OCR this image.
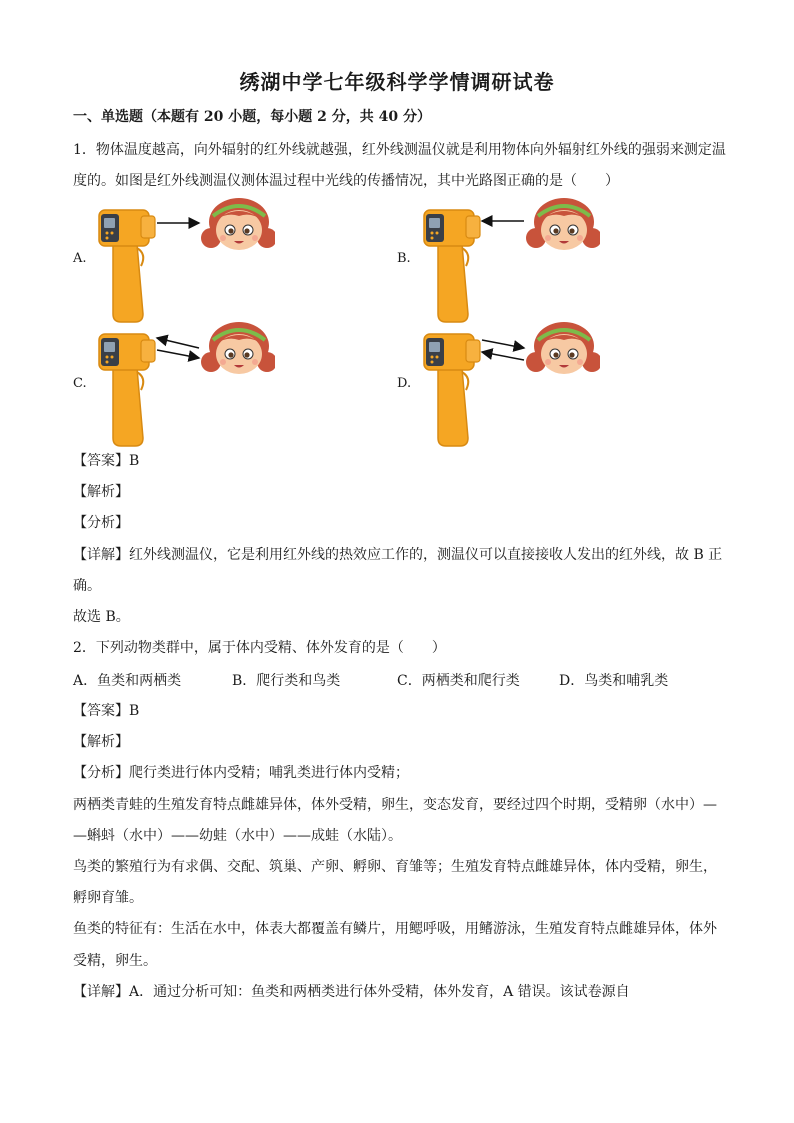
绣湖中学七年级科学学情调研试卷
一、单选题（本题有 20 小题，每小题 2 分，共 40 分）
1．物体温度越高，向外辐射的红外线就越强，红外线测温仪就是利用物体向外辐射红外线的强弱来测定温
度的。如图是红外线测温仪测体温过程中光线的传播情况，其中光路图正确的是（　　）
A.	B.
C.	D.
【答案】B
【解析】
【分析】
【详解】红外线测温仪，它是利用红外线的热效应工作的，测温仪可以直接接收人发出的红外线，故 B 正
确。
故选 B。
2．下列动物类群中，属于体内受精、体外发育的是（　　）
A．鱼类和两栖类	B．爬行类和鸟类	C．两栖类和爬行类	D．鸟类和哺乳类
【答案】B
【解析】
【分析】爬行类进行体内受精；哺乳类进行体内受精；
两栖类青蛙的生殖发育特点雌雄异体，体外受精，卵生，变态发育，要经过四个时期，受精卵（水中）—
—蝌蚪（水中）——幼蛙（水中）——成蛙（水陆）。
鸟类的繁殖行为有求偶、交配、筑巢、产卵、孵卵、育雏等；生殖发育特点雌雄异体，体内受精，卵生，
孵卵育雏。
鱼类的特征有：生活在水中，体表大都覆盖有鳞片，用鳃呼吸，用鳍游泳，生殖发育特点雌雄异体，体外
受精，卵生。
【详解】A．通过分析可知：鱼类和两栖类进行体外受精，体外发育，A 错误。该试卷源自
